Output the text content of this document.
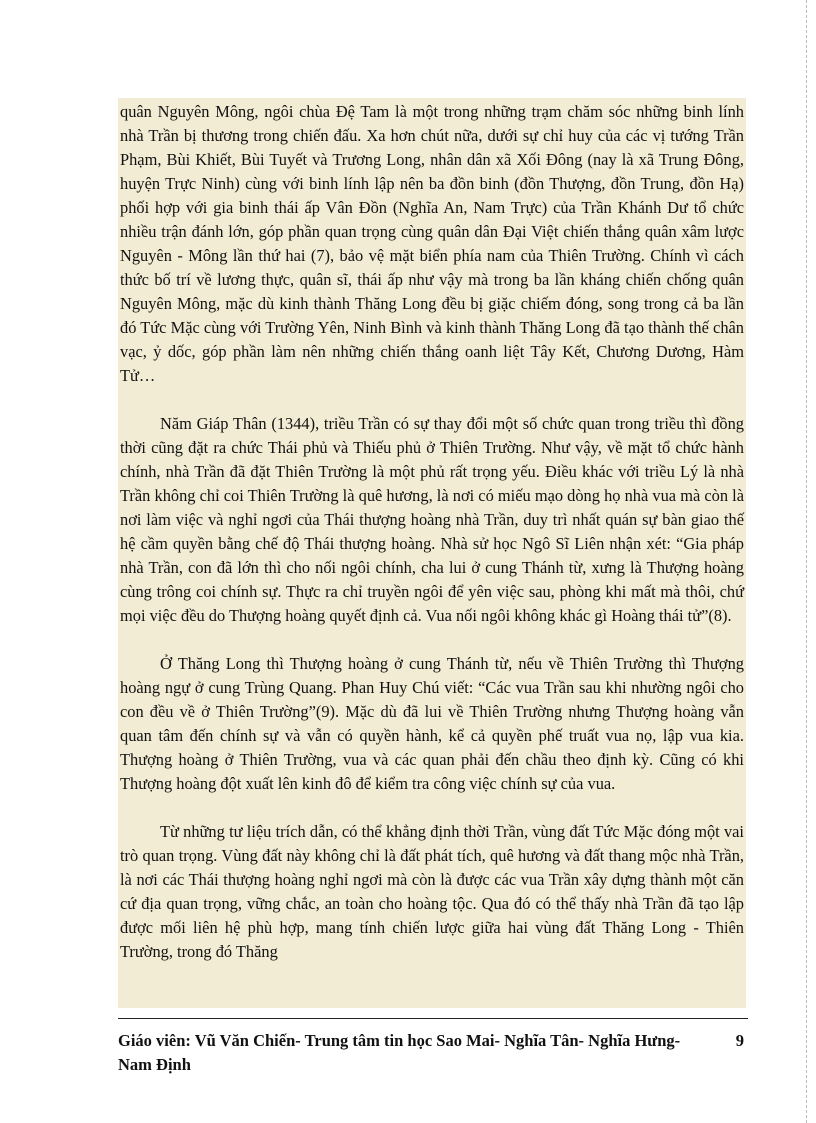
quân Nguyên Mông, ngôi chùa Đệ Tam là một trong những trạm chăm sóc những binh lính nhà Trần bị thương trong chiến đấu. Xa hơn chút nữa, dưới sự chỉ huy của các vị tướng Trần Phạm, Bùi Khiết, Bùi Tuyết và Trương Long, nhân dân xã Xối Đông (nay là xã Trung Đông, huyện Trực Ninh) cùng với binh lính lập nên ba đồn binh (đồn Thượng, đồn Trung, đồn Hạ) phối hợp với gia binh thái ấp Vân Đồn (Nghĩa An, Nam Trực) của Trần Khánh Dư tổ chức nhiều trận đánh lớn, góp phần quan trọng cùng quân dân Đại Việt chiến thắng quân xâm lược Nguyên - Mông lần thứ hai (7), bảo vệ mặt biển phía nam của Thiên Trường. Chính vì cách thức bố trí về lương thực, quân sĩ, thái ấp như vậy mà trong ba lần kháng chiến chống quân Nguyên Mông, mặc dù kinh thành Thăng Long đều bị giặc chiếm đóng, song trong cả ba lần đó Tức Mặc cùng với Trường Yên, Ninh Bình và kinh thành Thăng Long đã tạo thành thế chân vạc, ỷ dốc, góp phần làm nên những chiến thắng oanh liệt Tây Kết, Chương Dương, Hàm Tử…

Năm Giáp Thân (1344), triều Trần có sự thay đổi một số chức quan trong triều thì đồng thời cũng đặt ra chức Thái phủ và Thiếu phủ ở Thiên Trường. Như vậy, về mặt tổ chức hành chính, nhà Trần đã đặt Thiên Trường là một phủ rất trọng yếu. Điều khác với triều Lý là nhà Trần không chỉ coi Thiên Trường là quê hương, là nơi có miếu mạo dòng họ nhà vua mà còn là nơi làm việc và nghỉ ngơi của Thái thượng hoàng nhà Trần, duy trì nhất quán sự bàn giao thế hệ cầm quyền bằng chế độ Thái thượng hoàng. Nhà sử học Ngô Sĩ Liên nhận xét: “Gia pháp nhà Trần, con đã lớn thì cho nối ngôi chính, cha lui ở cung Thánh từ, xưng là Thượng hoàng cùng trông coi chính sự. Thực ra chỉ truyền ngôi để yên việc sau, phòng khi mất mà thôi, chứ mọi việc đều do Thượng hoàng quyết định cả. Vua nối ngôi không khác gì Hoàng thái tử”(8).

Ở Thăng Long thì Thượng hoàng ở cung Thánh từ, nếu về Thiên Trường thì Thượng hoàng ngự ở cung Trùng Quang. Phan Huy Chú viết: “Các vua Trần sau khi nhường ngôi cho con đều về ở Thiên Trường”(9). Mặc dù đã lui về Thiên Trường nhưng Thượng hoàng vẫn quan tâm đến chính sự và vẫn có quyền hành, kể cả quyền phế truất vua nọ, lập vua kia. Thượng hoàng ở Thiên Trường, vua và các quan phải đến chầu theo định kỳ. Cũng có khi Thượng hoàng đột xuất lên kinh đô để kiểm tra công việc chính sự của vua.

Từ những tư liệu trích dẫn, có thể khẳng định thời Trần, vùng đất Tức Mặc đóng một vai trò quan trọng. Vùng đất này không chỉ là đất phát tích, quê hương và đất thang mộc nhà Trần, là nơi các Thái thượng hoàng nghỉ ngơi mà còn là được các vua Trần xây dựng thành một căn cứ địa quan trọng, vững chắc, an toàn cho hoàng tộc. Qua đó có thể thấy nhà Trần đã tạo lập được mối liên hệ phù hợp, mang tính chiến lược giữa hai vùng đất Thăng Long - Thiên Trường, trong đó Thăng

Giáo viên: Vũ Văn Chiến- Trung tâm tin học Sao Mai- Nghĩa Tân- Nghĩa Hưng- Nam Định
9
